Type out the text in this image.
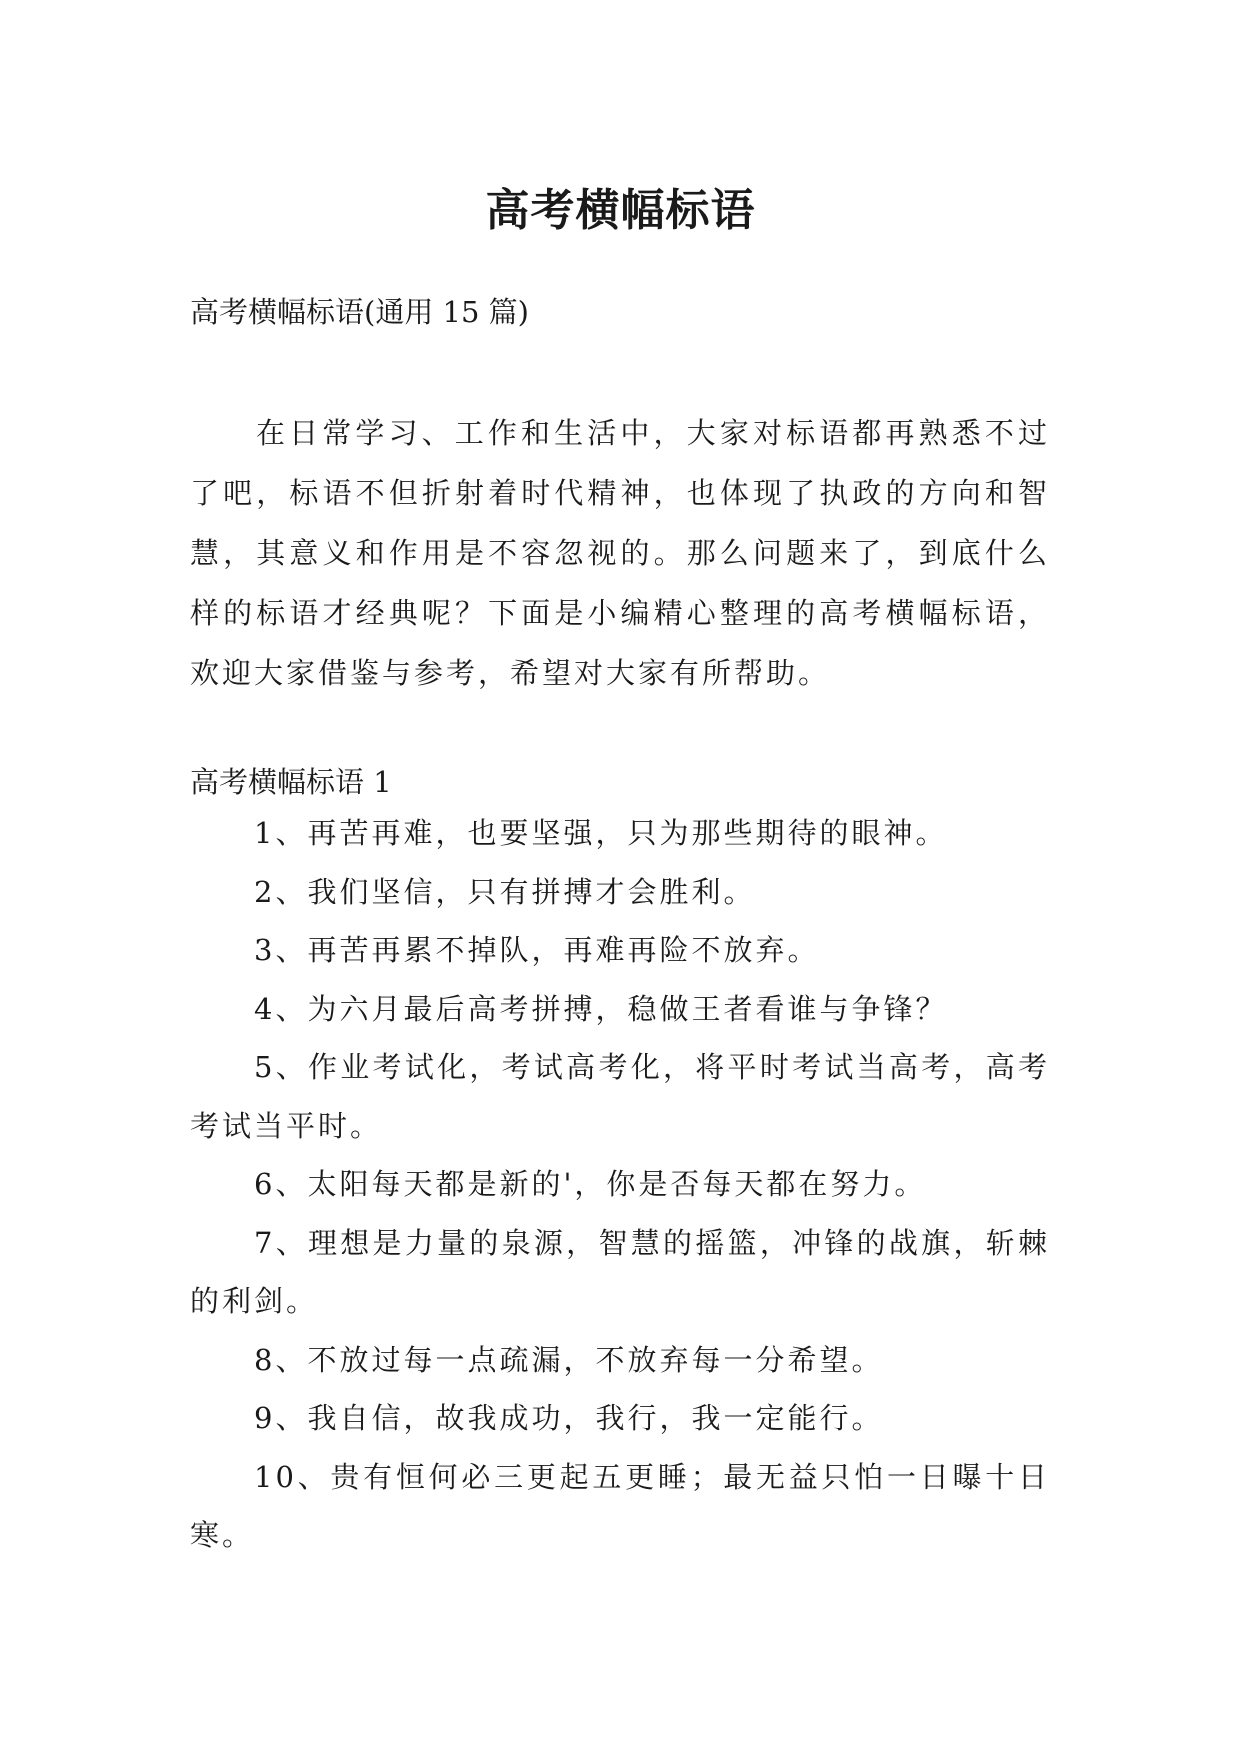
高考横幅标语
高考横幅标语(通用 15 篇)

在日常学习、工作和生活中，大家对标语都再熟悉不过了吧，标语不但折射着时代精神，也体现了执政的方向和智慧，其意义和作用是不容忽视的。那么问题来了，到底什么样的标语才经典呢？下面是小编精心整理的高考横幅标语，欢迎大家借鉴与参考，希望对大家有所帮助。

高考横幅标语 1
1、再苦再难，也要坚强，只为那些期待的眼神。
2、我们坚信，只有拼搏才会胜利。
3、再苦再累不掉队，再难再险不放弃。
4、为六月最后高考拼搏，稳做王者看谁与争锋？
5、作业考试化，考试高考化，将平时考试当高考，高考考试当平时。
6、太阳每天都是新的'，你是否每天都在努力。
7、理想是力量的泉源，智慧的摇篮，冲锋的战旗，斩棘的利剑。
8、不放过每一点疏漏，不放弃每一分希望。
9、我自信，故我成功，我行，我一定能行。
10、贵有恒何必三更起五更睡；最无益只怕一日曝十日寒。
